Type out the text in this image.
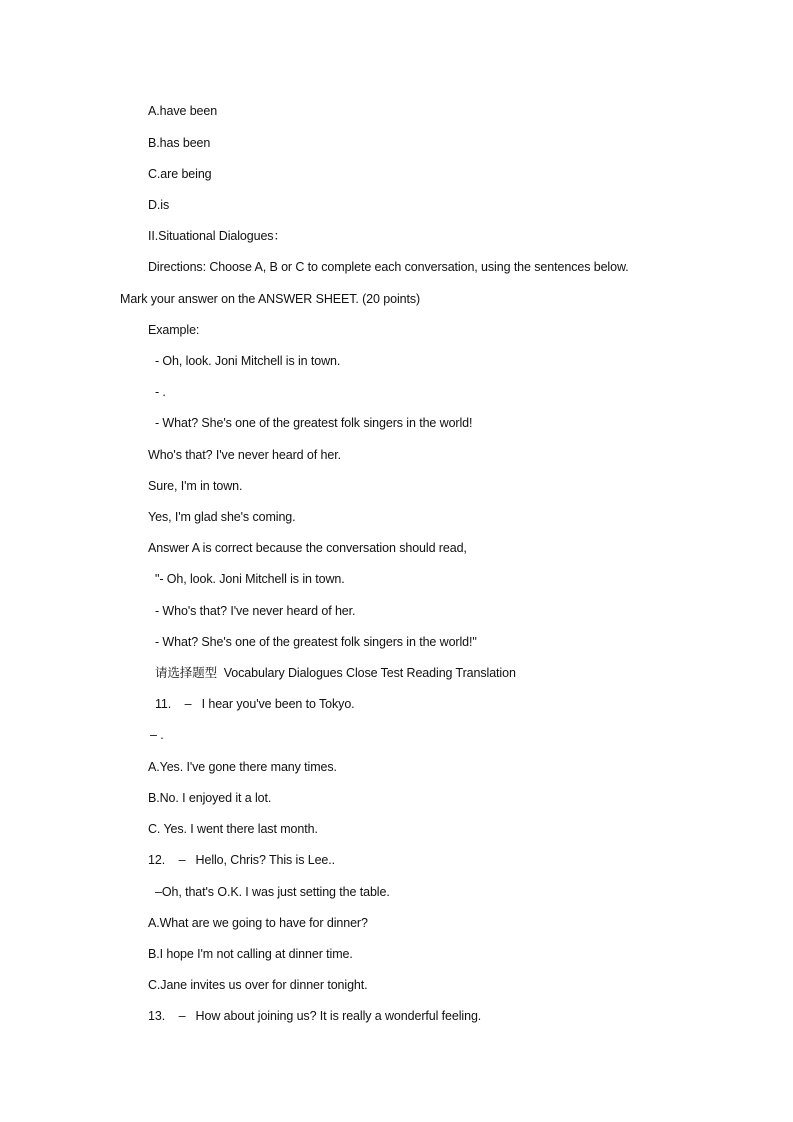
A.have been
B.has been
C.are being
D.is
II.Situational Dialogues：
Directions: Choose A, B or C to complete each conversation, using the sentences below.
Mark your answer on the ANSWER SHEET. (20 points)
Example:
- Oh, look. Joni Mitchell is in town.
- .
- What? She's one of the greatest folk singers in the world!
Who's that? I've never heard of her.
Sure, I'm in town.
Yes, I'm glad she's coming.
Answer A is correct because the conversation should read,
"- Oh, look. Joni Mitchell is in town.
- Who's that? I've never heard of her.
- What? She's one of the greatest folk singers in the world!"
请选择题型  Vocabulary Dialogues Close Test Reading Translation
11.    –   I hear you've been to Tokyo.
– .
A.Yes. I've gone there many times.
B.No. I enjoyed it a lot.
C. Yes. I went there last month.
12.    –   Hello, Chris? This is Lee..
–Oh, that's O.K. I was just setting the table.
A.What are we going to have for dinner?
B.I hope I'm not calling at dinner time.
C.Jane invites us over for dinner tonight.
13.    –   How about joining us? It is really a wonderful feeling.
